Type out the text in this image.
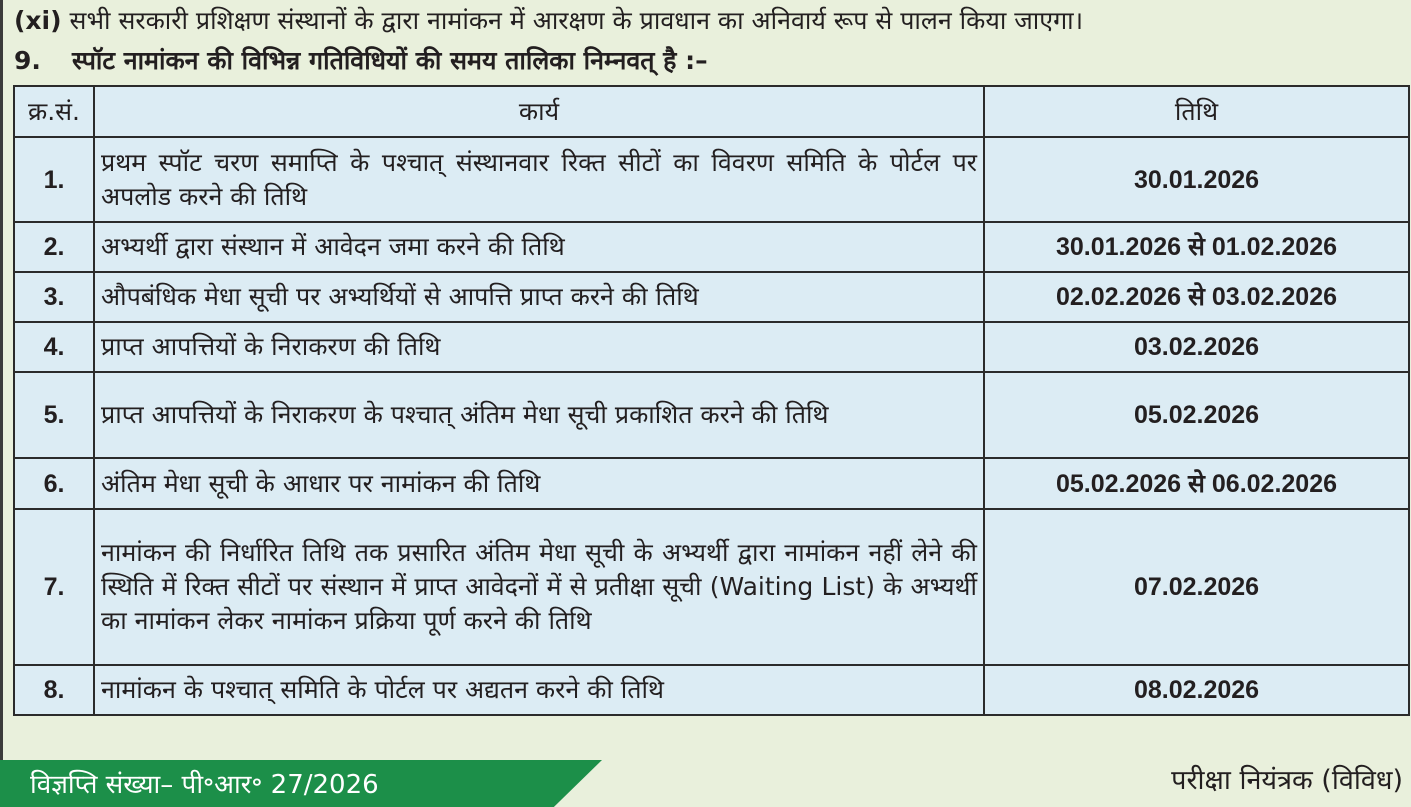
(xi) सभी सरकारी प्रशिक्षण संस्थानों के द्वारा नामांकन में आरक्षण के प्रावधान का अनिवार्य रूप से पालन किया जाएगा।
9. स्पॉट नामांकन की विभिन्न गतिविधियों की समय तालिका निम्नवत् है :–
क्र.सं.	कार्य	तिथि
1.	प्रथम स्पॉट चरण समाप्ति के पश्चात् संस्थानवार रिक्त सीटों का विवरण समिति के पोर्टल पर अपलोड करने की तिथि	30.01.2026
2.	अभ्यर्थी द्वारा संस्थान में आवेदन जमा करने की तिथि	30.01.2026 से 01.02.2026
3.	औपबंधिक मेधा सूची पर अभ्यर्थियों से आपत्ति प्राप्त करने की तिथि	02.02.2026 से 03.02.2026
4.	प्राप्त आपत्तियों के निराकरण की तिथि	03.02.2026
5.	प्राप्त आपत्तियों के निराकरण के पश्चात् अंतिम मेधा सूची प्रकाशित करने की तिथि	05.02.2026
6.	अंतिम मेधा सूची के आधार पर नामांकन की तिथि	05.02.2026 से 06.02.2026
7.	नामांकन की निर्धारित तिथि तक प्रसारित अंतिम मेधा सूची के अभ्यर्थी द्वारा नामांकन नहीं लेने की स्थिति में रिक्त सीटों पर संस्थान में प्राप्त आवेदनों में से प्रतीक्षा सूची (Waiting List) के अभ्यर्थी का नामांकन लेकर नामांकन प्रक्रिया पूर्ण करने की तिथि	07.02.2026
8.	नामांकन के पश्चात् समिति के पोर्टल पर अद्यतन करने की तिथि	08.02.2026
विज्ञप्ति संख्या– पी॰आर॰ 27/2026	परीक्षा नियंत्रक (विविध)
